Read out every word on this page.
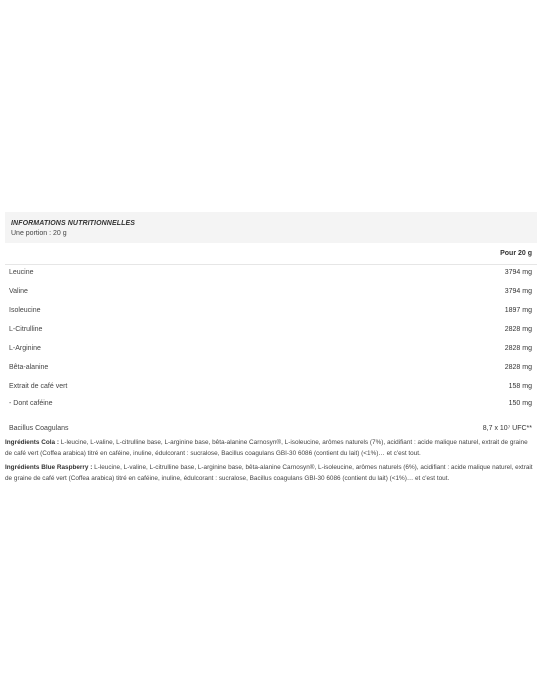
INFORMATIONS NUTRITIONNELLES
Une portion : 20 g
Pour 20 g
Leucine	3794 mg
Valine	3794 mg
Isoleucine	1897 mg
L-Citrulline	2828 mg
L-Arginine	2828 mg
Bêta-alanine	2828 mg
Extrait de café vert	158 mg
- Dont caféine	150 mg
Bacillus Coagulans	8,7 x 10⁷ UFC**
Ingrédients Cola : L-leucine, L-valine, L-citrulline base, L-arginine base, bêta-alanine Carnosyn®, L-isoleucine, arômes naturels (7%), acidifiant : acide malique naturel, extrait de graine de café vert (Coffea arabica) titré en caféine, inuline, édulcorant : sucralose, Bacillus coagulans GBI-30 6086 (contient du lait) (<1%)… et c'est tout.
Ingrédients Blue Raspberry : L-leucine, L-valine, L-citrulline base, L-arginine base, bêta-alanine Carnosyn®, L-isoleucine, arômes naturels (6%), acidifiant : acide malique naturel, extrait de graine de café vert (Coffea arabica) titré en caféine, inuline, édulcorant : sucralose, Bacillus coagulans GBI-30 6086 (contient du lait) (<1%)… et c'est tout.
